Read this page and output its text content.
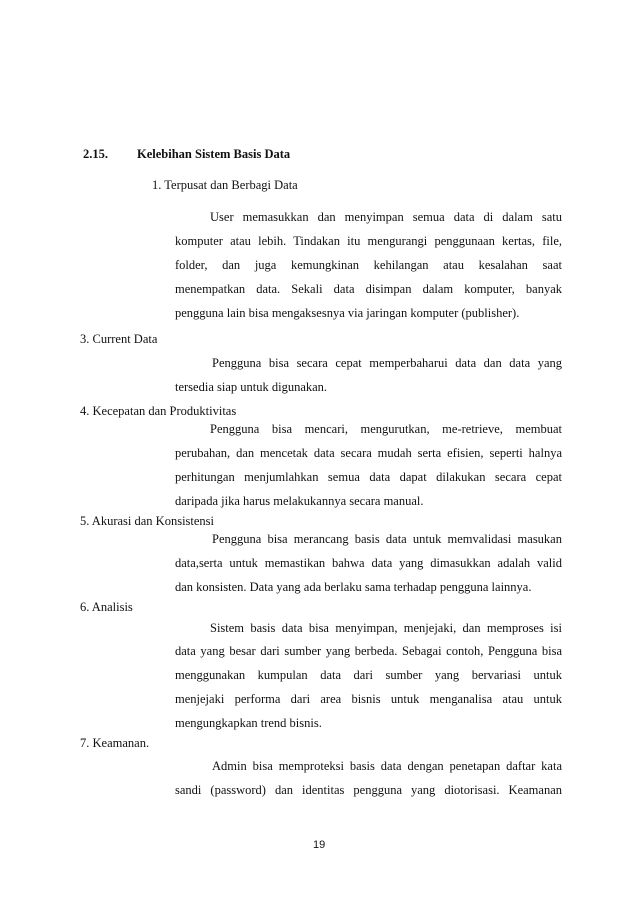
2.15. Kelebihan Sistem Basis Data
1. Terpusat dan Berbagi Data
User memasukkan dan menyimpan semua data di dalam satu
komputer atau lebih. Tindakan itu mengurangi penggunaan kertas, file,
folder, dan juga kemungkinan kehilangan atau kesalahan saat
menempatkan data. Sekali data disimpan dalam komputer, banyak
pengguna lain bisa mengaksesnya via jaringan komputer (publisher).
3. Current Data
Pengguna bisa secara cepat memperbaharui data dan data yang
tersedia siap untuk digunakan.
4. Kecepatan dan Produktivitas
Pengguna bisa mencari, mengurutkan, me-retrieve, membuat
perubahan, dan mencetak data secara mudah serta efisien, seperti halnya
perhitungan menjumlahkan semua data dapat dilakukan secara cepat
daripada jika harus melakukannya secara manual.
5. Akurasi dan Konsistensi
Pengguna bisa merancang basis data untuk memvalidasi masukan
data,serta untuk memastikan bahwa data yang dimasukkan adalah valid
dan konsisten. Data yang ada berlaku sama terhadap pengguna lainnya.
6. Analisis
Sistem basis data bisa menyimpan, menjejaki, dan memproses isi
data yang besar dari sumber yang berbeda. Sebagai contoh, Pengguna bisa
menggunakan kumpulan data dari sumber yang bervariasi untuk
menjejaki performa dari area bisnis untuk menganalisa atau untuk
mengungkapkan trend bisnis.
7. Keamanan.
Admin bisa memproteksi basis data dengan penetapan daftar kata
sandi (password) dan identitas pengguna yang diotorisasi. Keamanan
19
